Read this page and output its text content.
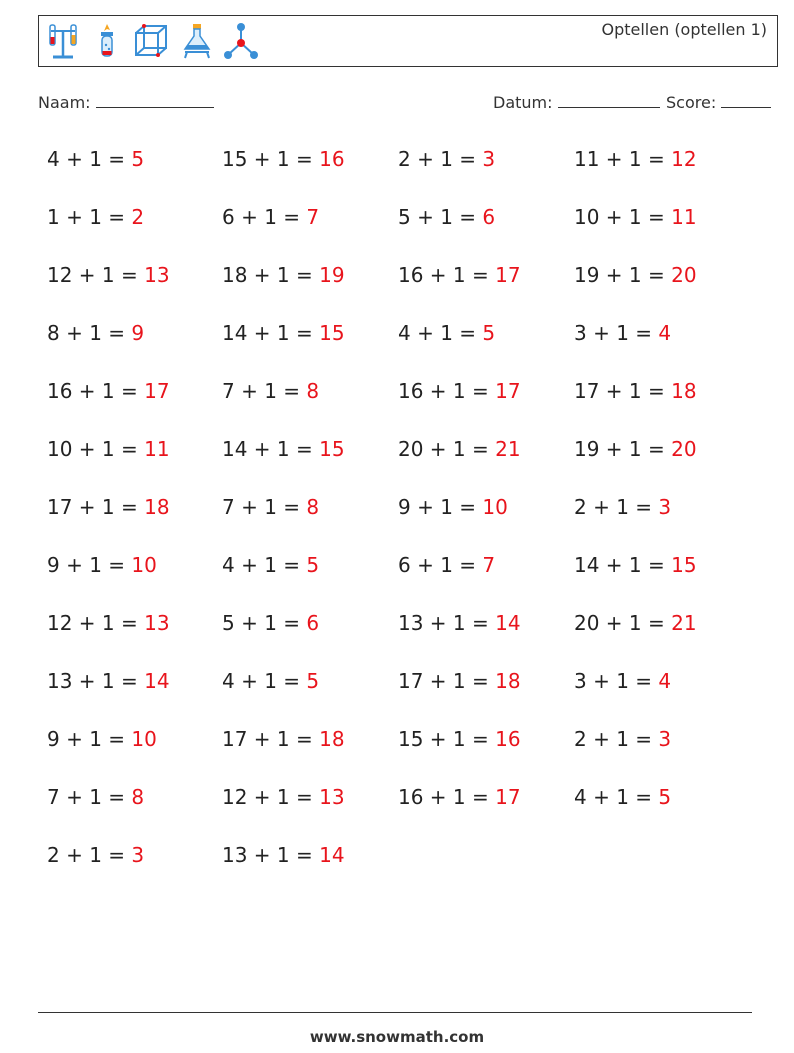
Optellen (optellen 1)
Naam:	Datum:	Score:
4 + 1 = 5	15 + 1 = 16	2 + 1 = 3	11 + 1 = 12
1 + 1 = 2	6 + 1 = 7	5 + 1 = 6	10 + 1 = 11
12 + 1 = 13	18 + 1 = 19	16 + 1 = 17	19 + 1 = 20
8 + 1 = 9	14 + 1 = 15	4 + 1 = 5	3 + 1 = 4
16 + 1 = 17	7 + 1 = 8	16 + 1 = 17	17 + 1 = 18
10 + 1 = 11	14 + 1 = 15	20 + 1 = 21	19 + 1 = 20
17 + 1 = 18	7 + 1 = 8	9 + 1 = 10	2 + 1 = 3
9 + 1 = 10	4 + 1 = 5	6 + 1 = 7	14 + 1 = 15
12 + 1 = 13	5 + 1 = 6	13 + 1 = 14	20 + 1 = 21
13 + 1 = 14	4 + 1 = 5	17 + 1 = 18	3 + 1 = 4
9 + 1 = 10	17 + 1 = 18	15 + 1 = 16	2 + 1 = 3
7 + 1 = 8	12 + 1 = 13	16 + 1 = 17	4 + 1 = 5
2 + 1 = 3	13 + 1 = 14
www.snowmath.com
